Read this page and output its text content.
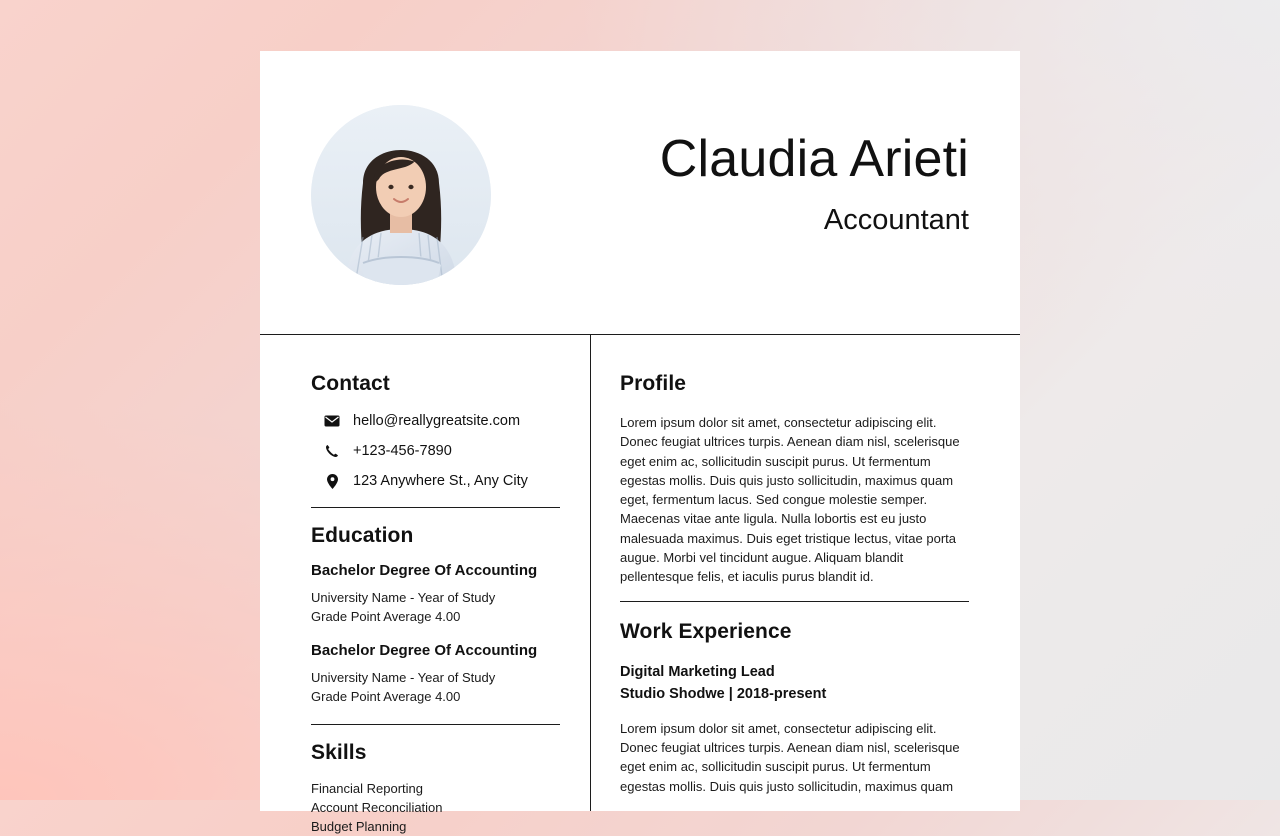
Claudia Arieti
Accountant
Contact
hello@reallygreatsite.com
+123-456-7890
123 Anywhere St., Any City
Education
Bachelor Degree Of Accounting
University Name - Year of Study
Grade Point Average 4.00
Bachelor Degree Of Accounting
University Name - Year of Study
Grade Point Average 4.00
Skills
Financial Reporting
Account Reconciliation
Budget Planning
Profile

Lorem ipsum dolor sit amet, consectetur adipiscing elit. Donec feugiat ultrices turpis. Aenean diam nisl, scelerisque eget enim ac, sollicitudin suscipit purus. Ut fermentum egestas mollis. Duis quis justo sollicitudin, maximus quam eget, fermentum lacus. Sed congue molestie semper. Maecenas vitae ante ligula. Nulla lobortis est eu justo malesuada maximus. Duis eget tristique lectus, vitae porta augue. Morbi vel tincidunt augue. Aliquam blandit pellentesque felis, et iaculis purus blandit id.

Work Experience
Digital Marketing Lead
Studio Shodwe | 2018-present

Lorem ipsum dolor sit amet, consectetur adipiscing elit. Donec feugiat ultrices turpis. Aenean diam nisl, scelerisque eget enim ac, sollicitudin suscipit purus. Ut fermentum egestas mollis. Duis quis justo sollicitudin, maximus quam
